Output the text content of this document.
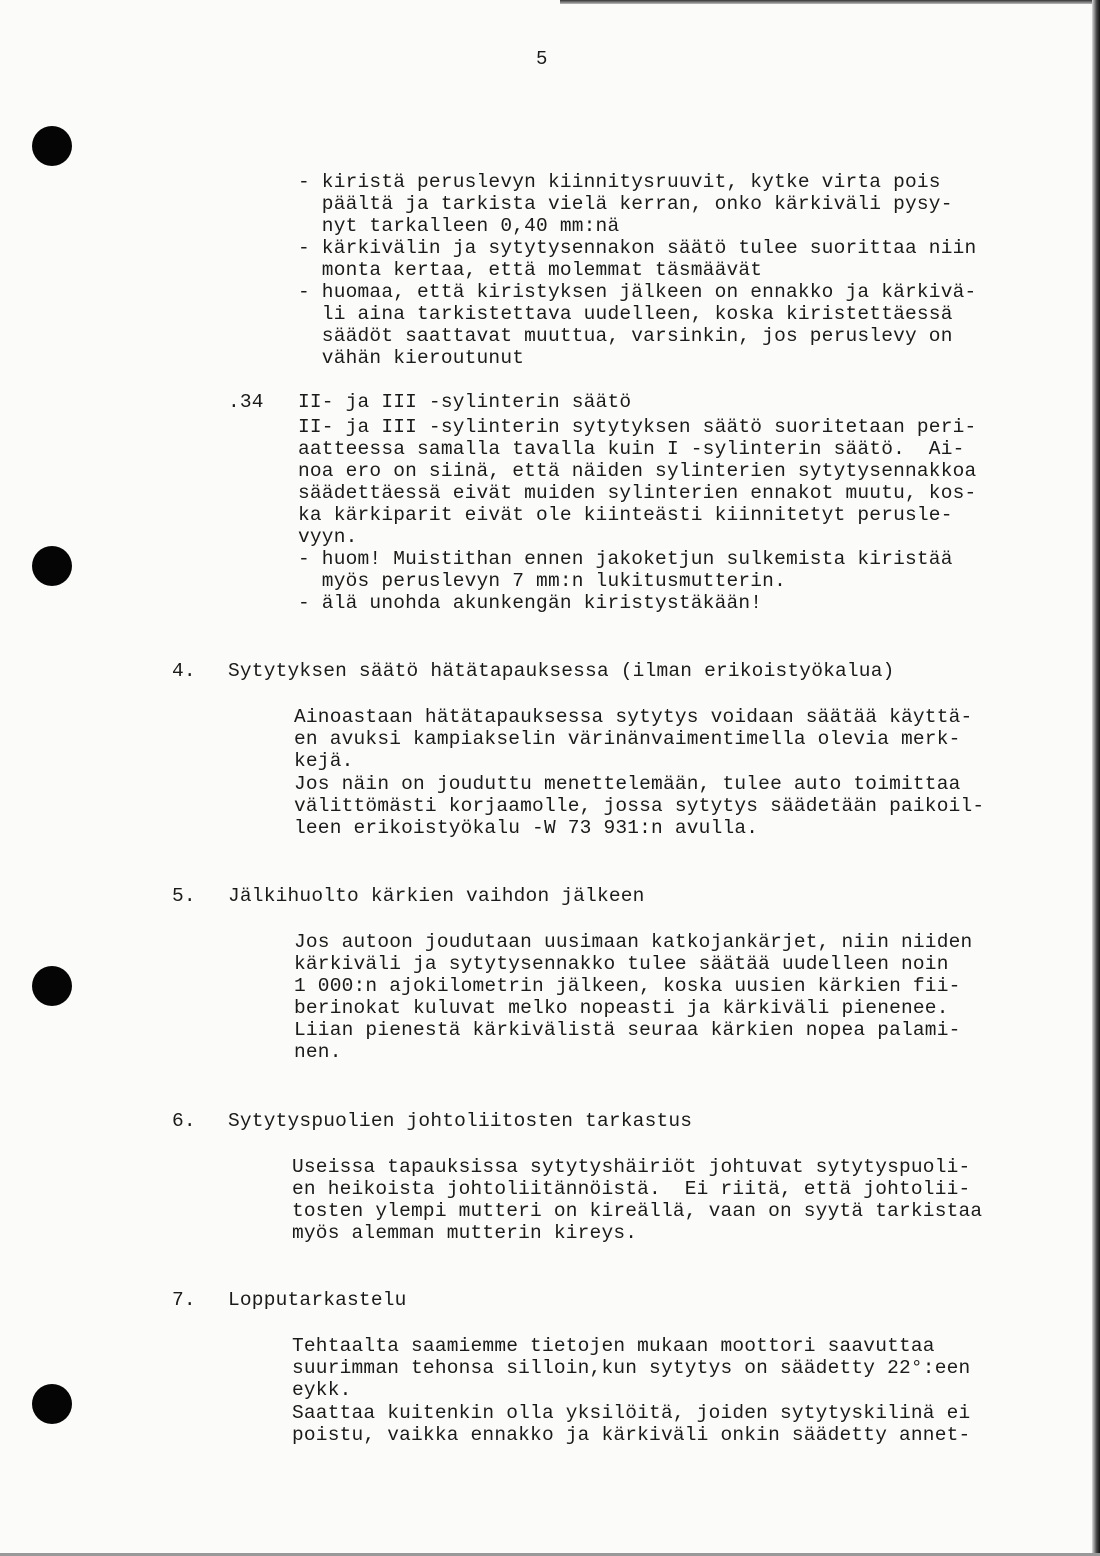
5
- kiristä peruslevyn kiinnitysruuvit, kytke virta pois
päältä ja tarkista vielä kerran, onko kärkiväli pysy-
nyt tarkalleen 0,40 mm:nä
- kärkivälin ja sytytysennakon säätö tulee suorittaa niin
monta kertaa, että molemmat täsmäävät
- huomaa, että kiristyksen jälkeen on ennakko ja kärkivä-
li aina tarkistettava uudelleen, koska kiristettäessä
säädöt saattavat muuttua, varsinkin, jos peruslevy on
vähän kieroutunut
.34 II- ja III -sylinterin säätö
II- ja III -sylinterin sytytyksen säätö suoritetaan peri-
aatteessa samalla tavalla kuin I -sylinterin säätö.  Ai-
noa ero on siinä, että näiden sylinterien sytytysennakkoa
säädettäessä eivät muiden sylinterien ennakot muutu, kos-
ka kärkiparit eivät ole kiinteästi kiinnitetyt perusle-
vyyn.
- huom! Muistithan ennen jakoketjun sulkemista kiristää
myös peruslevyn 7 mm:n lukitusmutterin.
- älä unohda akunkengän kiristystäkään!
4. Sytytyksen säätö hätätapauksessa (ilman erikoistyökalua)
Ainoastaan hätätapauksessa sytytys voidaan säätää käyttä-
en avuksi kampiakselin värinänvaimentimella olevia merk-
kejä.
Jos näin on jouduttu menettelemään, tulee auto toimittaa
välittömästi korjaamolle, jossa sytytys säädetään paikoil-
leen erikoistyökalu -W 73 931:n avulla.
5. Jälkihuolto kärkien vaihdon jälkeen
Jos autoon joudutaan uusimaan katkojankärjet, niin niiden
kärkiväli ja sytytysennakko tulee säätää uudelleen noin
1 000:n ajokilometrin jälkeen, koska uusien kärkien fii-
berinokat kuluvat melko nopeasti ja kärkiväli pienenee.
Liian pienestä kärkivälistä seuraa kärkien nopea palami-
nen.
6. Sytytyspuolien johtoliitosten tarkastus
Useissa tapauksissa sytytyshäiriöt johtuvat sytytyspuoli-
en heikoista johtoliitännöistä.  Ei riitä, että johtolii-
tosten ylempi mutteri on kireällä, vaan on syytä tarkistaa
myös alemman mutterin kireys.
7. Lopputarkastelu
Tehtaalta saamiemme tietojen mukaan moottori saavuttaa
suurimman tehonsa silloin,kun sytytys on säädetty 22°:een
eykk.
Saattaa kuitenkin olla yksilöitä, joiden sytytyskilinä ei
poistu, vaikka ennakko ja kärkiväli onkin säädetty annet-
